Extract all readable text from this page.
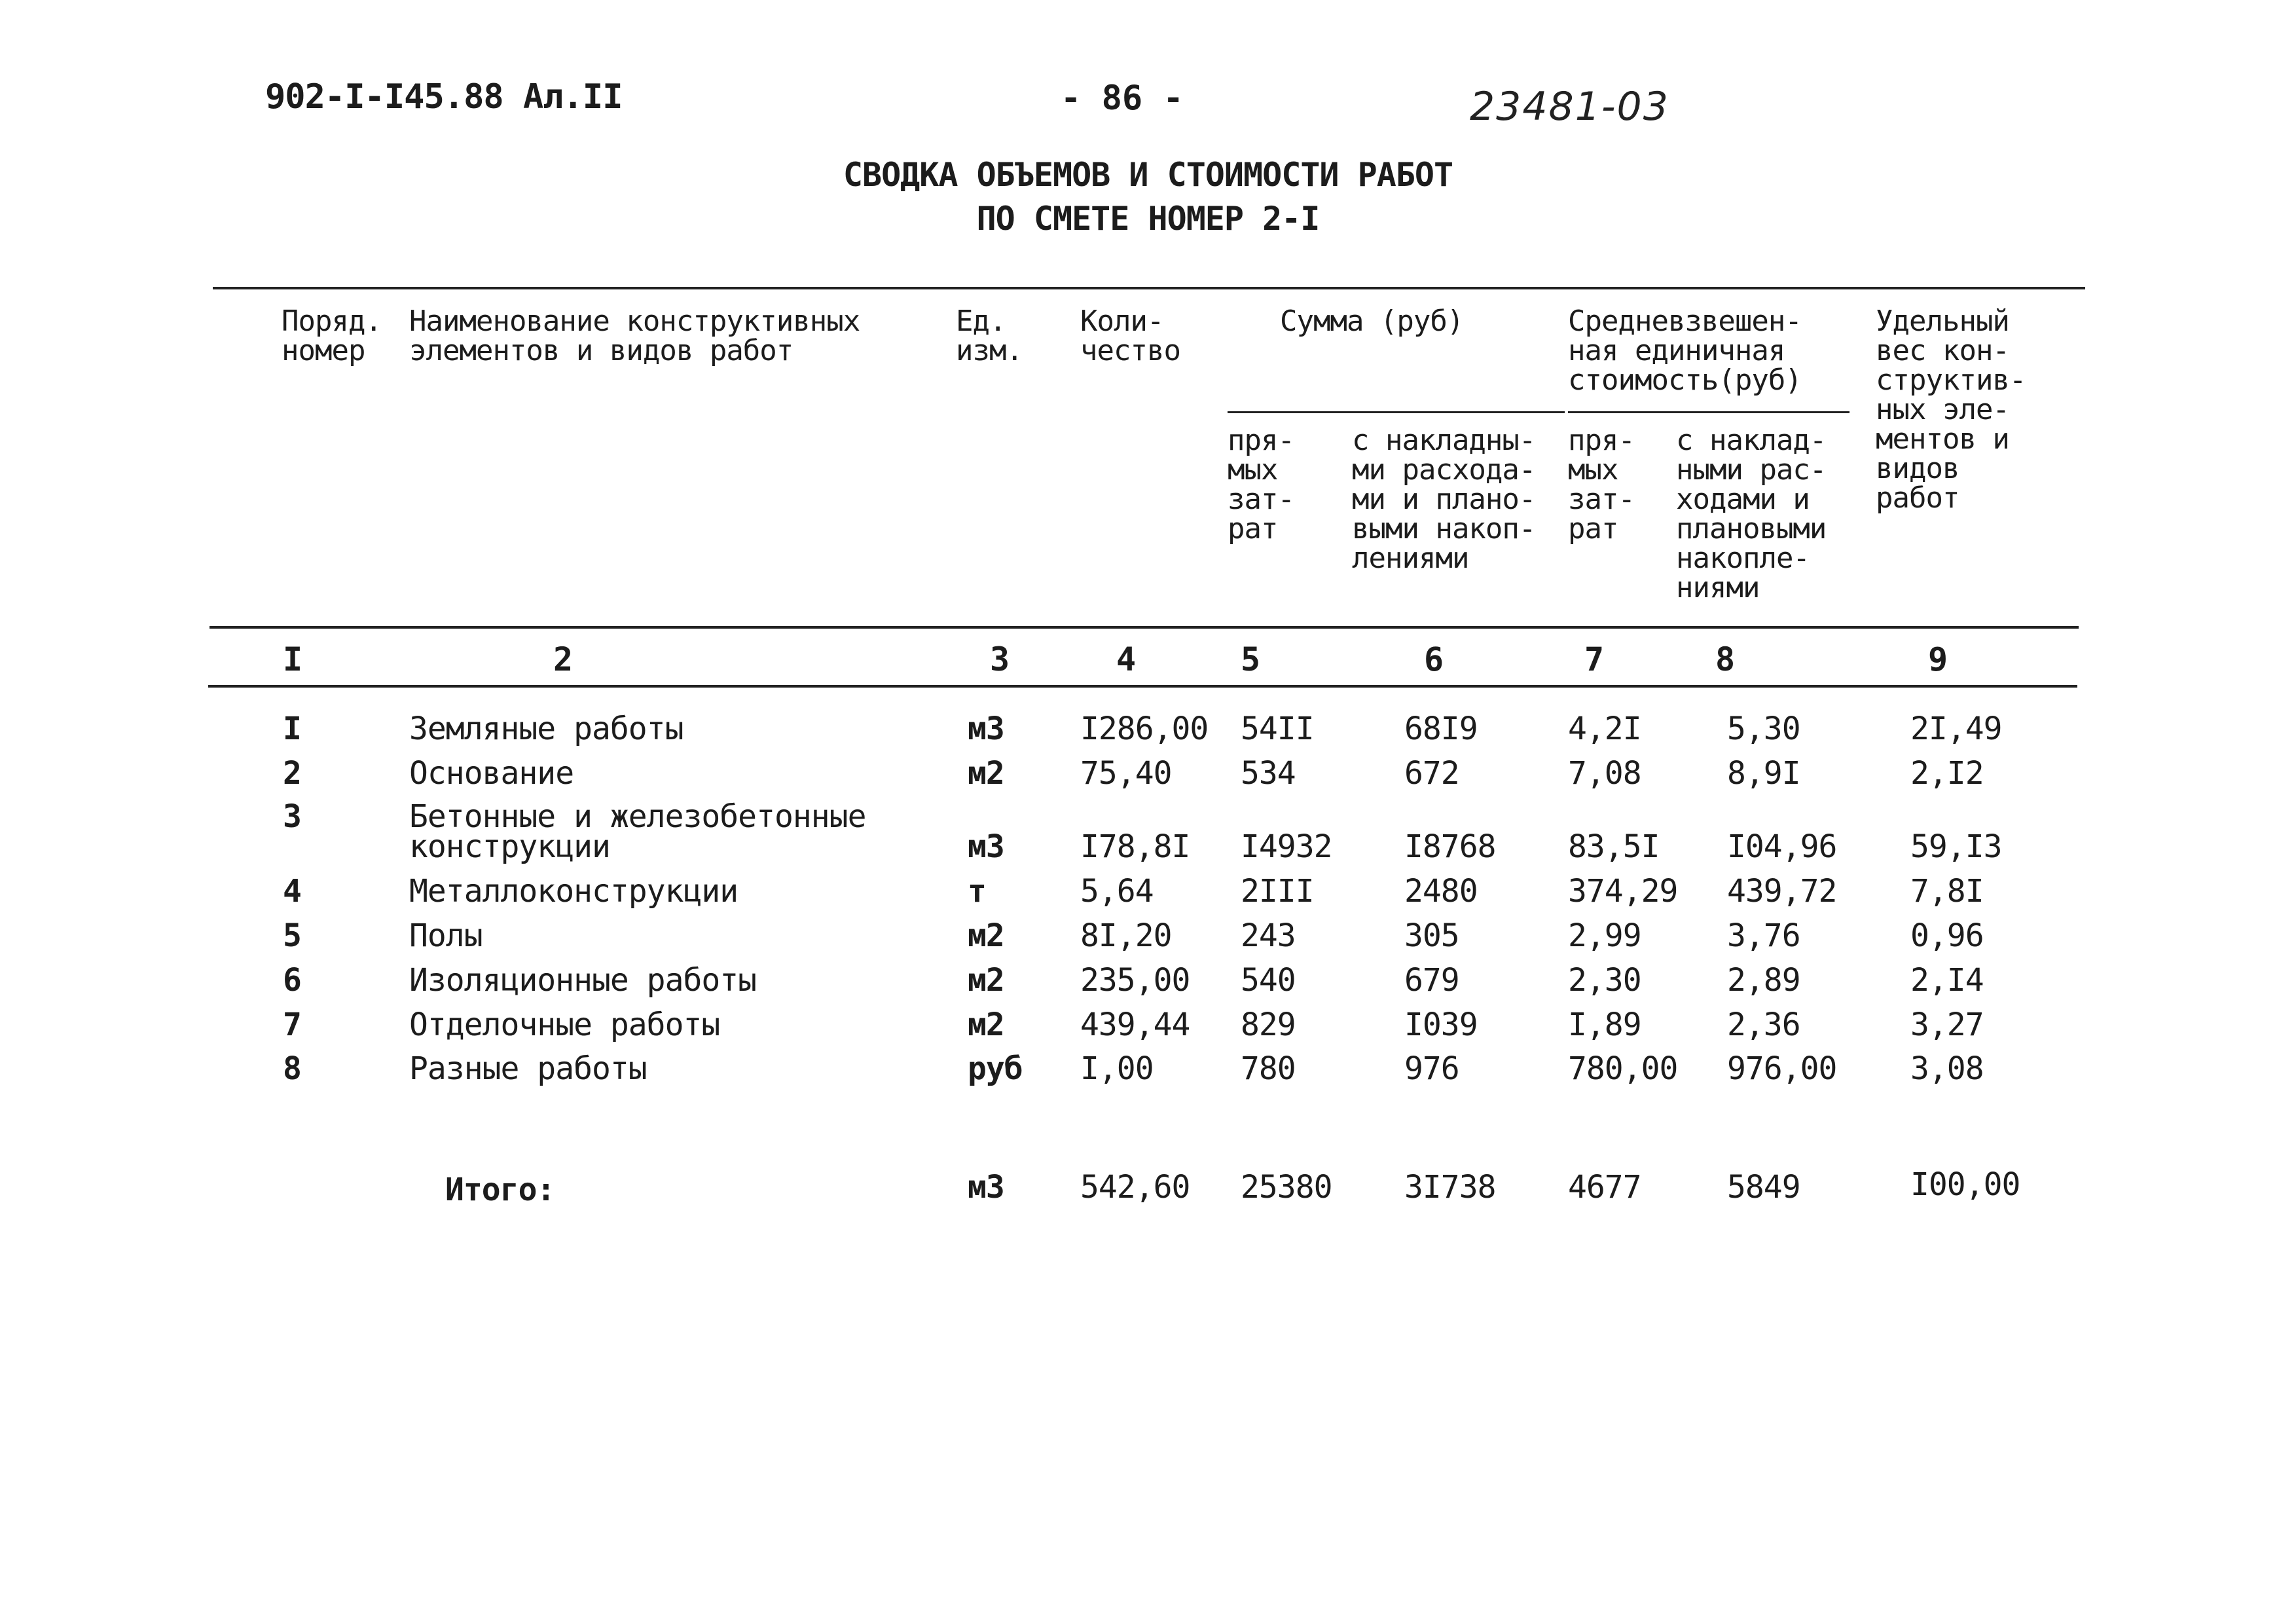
902-I-I45.88 Ал.II	- 86 -	23481-03
СВОДКА ОБЪЕМОВ И СТОИМОСТИ РАБОТ
ПО СМЕТЕ НОМЕР 2-I
Поряд.
номер
Наименование конструктивных
элементов и видов работ
Ед.
изм.
Коли-
чество
Сумма (руб)
пря-
мых
зат-
рат
с накладны-
ми расхода-
ми и плано-
выми накоп-
лениями
Средневзвешен-
ная единичная
стоимость(руб)
пря-
мых
зат-
рат
с наклад-
ными рас-
ходами и
плановыми
накопле-
ниями
Удельный
вес кон-
структив-
ных эле-
ментов и
видов
работ
I	2	3	4	5	6	7	8	9
I	Земляные работы	м3 I286,00 54II	68I9	4,2I	5,30	2I,49
2	Основание	м2 75,40 534	672	7,08	8,9I	2,I2
3	Бетонные и железобетонные
конструкции	м3 I78,8I I4932 I8768 83,5I I04,96 59,I3
4	Металлоконструкции	т	5,64	2III	2480	374,29 439,72 7,8I
5	Полы	м2 8I,20 243	305	2,99	3,76	0,96
6	Изоляционные работы	м2 235,00 540	679	2,30	2,89	2,I4
7	Отделочные работы	м2 439,44 829	I039	I,89	2,36	3,27
8	Разные работы	руб I,00	780	976	780,00 976,00 3,08
Итого:	м3 542,60 25380 3I738 4677	5849	I00,00
